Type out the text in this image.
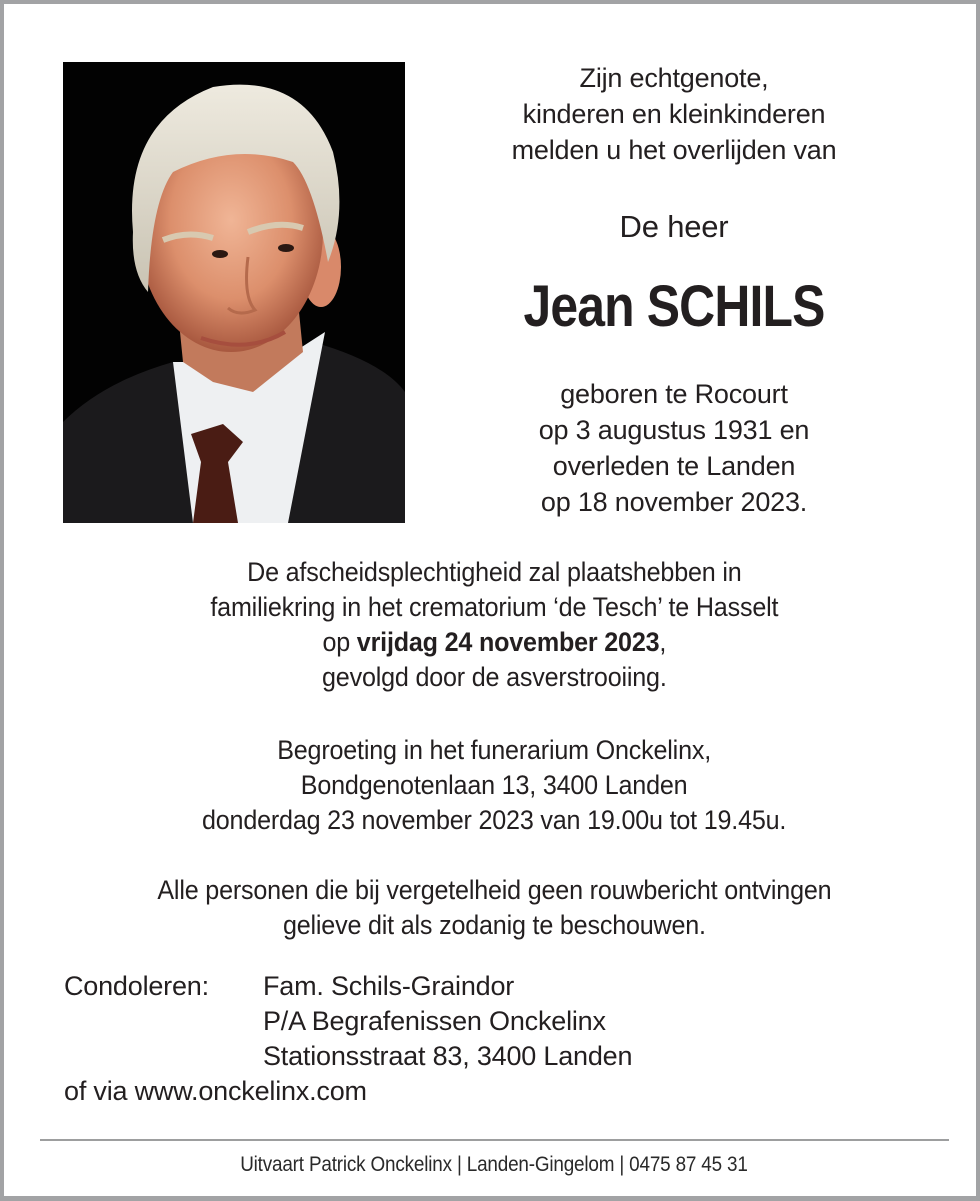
Zijn echtgenote,
kinderen en kleinkinderen
melden u het overlijden van
De heer
Jean SCHILS
geboren te Rocourt
op 3 augustus 1931 en
overleden te Landen
op 18 november 2023.
De afscheidsplechtigheid zal plaatshebben in
familiekring in het crematorium ‘de Tesch’ te Hasselt
op vrijdag 24 november 2023,
gevolgd door de asverstrooiing.
Begroeting in het funerarium Onckelinx,
Bondgenotenlaan 13, 3400 Landen
donderdag 23 november 2023 van 19.00u tot 19.45u.
Alle personen die bij vergetelheid geen rouwbericht ontvingen
gelieve dit als zodanig te beschouwen.
Condoleren:	Fam. Schils-Graindor
P/A Begrafenissen Onckelinx
Stationsstraat 83, 3400 Landen
of via www.onckelinx.com
Uitvaart Patrick Onckelinx | Landen-Gingelom | 0475 87 45 31
